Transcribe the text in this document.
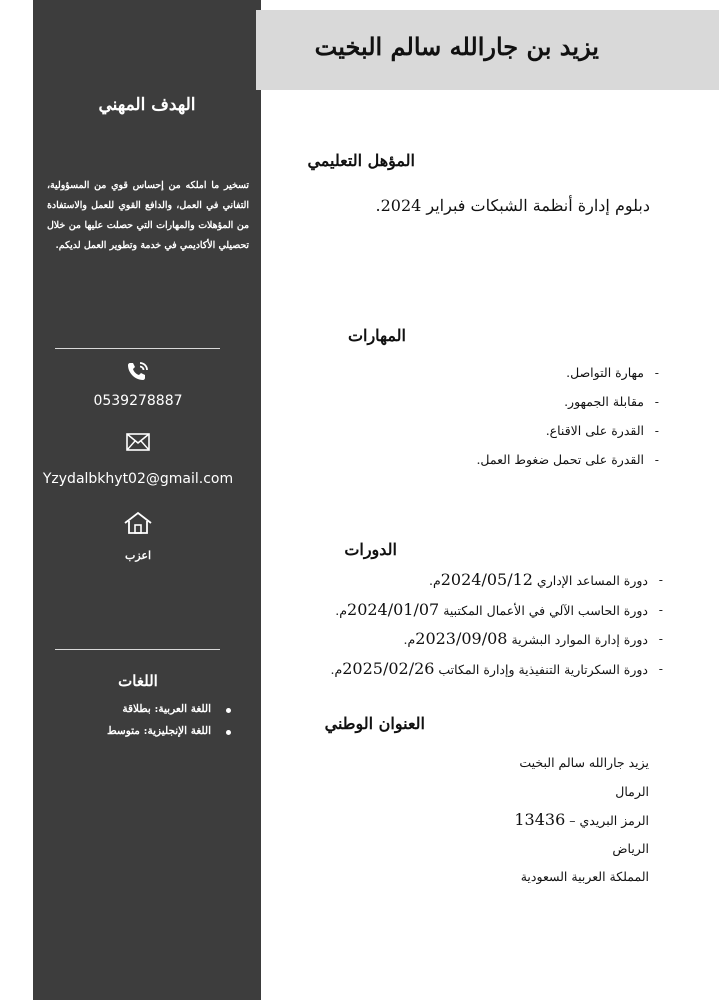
الهدف المهني
تسخير ما املكه من إحساس قوي من المسؤولية، التفاني في العمل، والدافع القوي للعمل والاستفادة من المؤهلات والمهارات التي حصلت عليها من خلال تحصيلي الأكاديمي في خدمة وتطوير العمل لديكم.
0539278887
Yzydalbkhyt02@gmail.com
اعزب
اللغات
اللغة العربية: بطلاقة
اللغة الإنجليزية: متوسط
يزيد بن جارالله سالم البخيت
المؤهل التعليمي
دبلوم إدارة أنظمة الشبكات فبراير 2024.
المهارات
- مهارة التواصل.
- مقابلة الجمهور.
- القدرة على الاقناع.
- القدرة على تحمل ضغوط العمل.
الدورات
- دورة المساعد الإداري 2024/05/12م.
- دورة الحاسب الآلي في الأعمال المكتبية 2024/01/07م.
- دورة إدارة الموارد البشرية 2023/09/08م.
- دورة السكرتارية التنفيذية وإدارة المكاتب 2025/02/26م.
العنوان الوطني
يزيد جارالله سالم البخيت
الرمال
الرمز البريدي – 13436
الرياض
المملكة العربية السعودية
